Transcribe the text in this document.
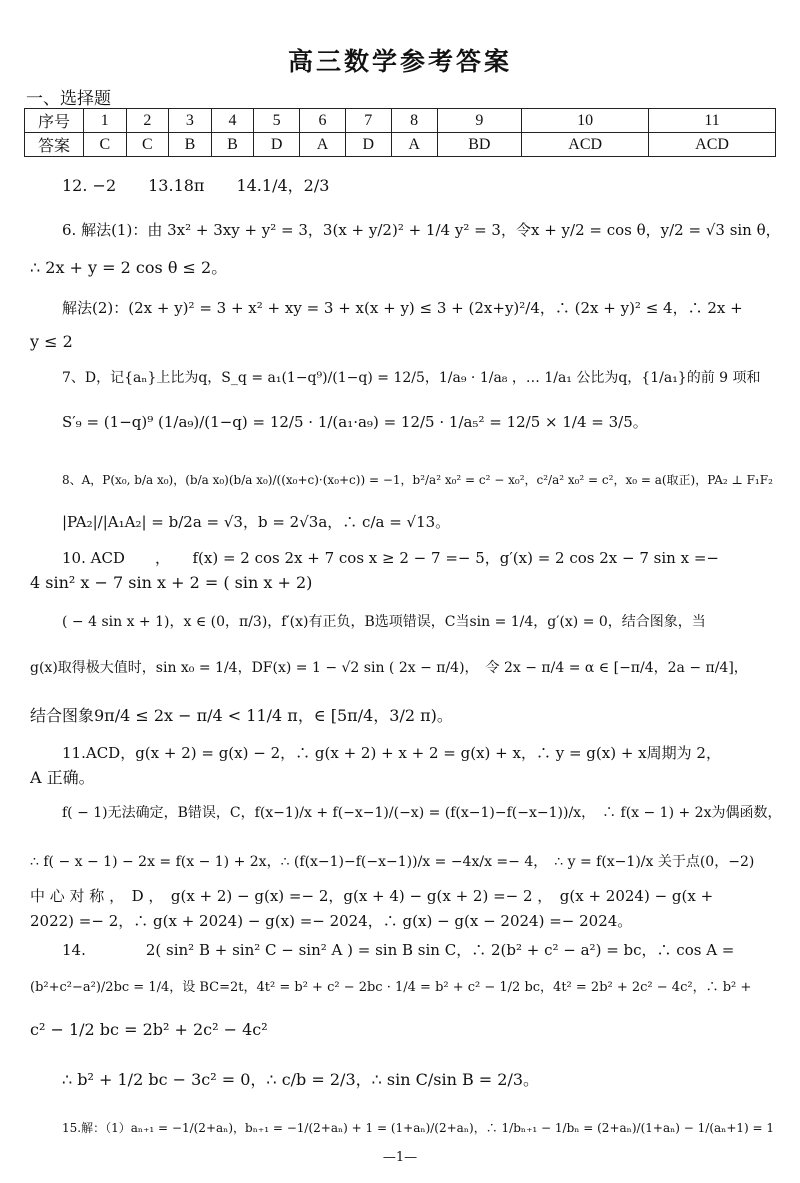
高三数学参考答案
一、选择题
序号	1	2	3	4	5	6	7	8	9	10	11
答案	C	C	B	B	D	A	D	A	BD	ACD	ACD
12. −2　　13.18π　　14.1/4，2/3
6. 解法(1)：由 3x² + 3xy + y² = 3，3(x + y/2)² + 1/4 y² = 3，令x + y/2 = cos θ，y/2 = √3 sin θ，
∴ 2x + y = 2 cos θ ≤ 2。
解法(2)：(2x + y)² = 3 + x² + xy = 3 + x(x + y) ≤ 3 + (2x+y)²/4，∴ (2x + y)² ≤ 4，∴ 2x +
y ≤ 2
7、D，记{aₙ}上比为q，S_q = a₁(1−q⁹)/(1−q) = 12/5，1/a₉ · 1/a₈ ，… 1/a₁ 公比为q，{1/a₁}的前 9 项和
S′₉ = (1−q)⁹ (1/a₉)/(1−q) = 12/5 · 1/(a₁·a₉) = 12/5 · 1/a₅² = 12/5 × 1/4 = 3/5。
8、A，P(x₀, b/a x₀)，(b/a x₀)(b/a x₀)/((x₀+c)·(x₀+c)) = −1，b²/a² x₀² = c² − x₀²，c²/a² x₀² = c²，x₀ = a(取正)，PA₂ ⊥ F₁F₂
|PA₂|/|A₁A₂| = b/2a = √3，b = 2√3a，∴ c/a = √13。
10. ACD　　，　　f(x) = 2 cos 2x + 7 cos x ≥ 2 − 7 =− 5，g′(x) = 2 cos 2x − 7 sin x =−
4 sin² x − 7 sin x + 2 = ( sin x + 2)
( − 4 sin x + 1)，x ∈ (0，π/3)，f′(x)有正负，B选项错误，C当sin = 1/4，g′(x) = 0，结合图象，当
g(x)取得极大值时，sin x₀ = 1/4，DF(x) = 1 − √2 sin ( 2x − π/4)，　令 2x − π/4 = α ∈ [−π/4，2a − π/4]，
结合图象9π/4 ≤ 2x − π/4 < 11/4 π，∈ [5π/4，3/2 π)。
11.ACD，g(x + 2) = g(x) − 2，∴ g(x + 2) + x + 2 = g(x) + x，∴ y = g(x) + x周期为 2，
A 正确。
f( − 1)无法确定，B错误，C，f(x−1)/x + f(−x−1)/(−x) = (f(x−1)−f(−x−1))/x，　∴ f(x − 1) + 2x为偶函数，
∴ f( − x − 1) − 2x = f(x − 1) + 2x，∴ (f(x−1)−f(−x−1))/x = −4x/x =− 4，　∴ y = f(x−1)/x 关于点(0，−2)
中 心 对 称 ，　D ，　g(x + 2) − g(x) =− 2，g(x + 4) − g(x + 2) =− 2 ，　g(x + 2024) − g(x +
2022) =− 2，∴ g(x + 2024) − g(x) =− 2024，∴ g(x) − g(x − 2024) =− 2024。
14.　　　　2( sin² B + sin² C − sin² A ) = sin B sin C，∴ 2(b² + c² − a²) = bc，∴ cos A =
(b²+c²−a²)/2bc = 1/4，设 BC=2t，4t² = b² + c² − 2bc · 1/4 = b² + c² − 1/2 bc，4t² = 2b² + 2c² − 4c²，∴ b² +
c² − 1/2 bc = 2b² + 2c² − 4c²
∴ b² + 1/2 bc − 3c² = 0，∴ c/b = 2/3，∴ sin C/sin B = 2/3。
15.解：（1）aₙ₊₁ = −1/(2+aₙ)，bₙ₊₁ = −1/(2+aₙ) + 1 = (1+aₙ)/(2+aₙ)，∴ 1/bₙ₊₁ − 1/bₙ = (2+aₙ)/(1+aₙ) − 1/(aₙ+1) = 1
—1—
